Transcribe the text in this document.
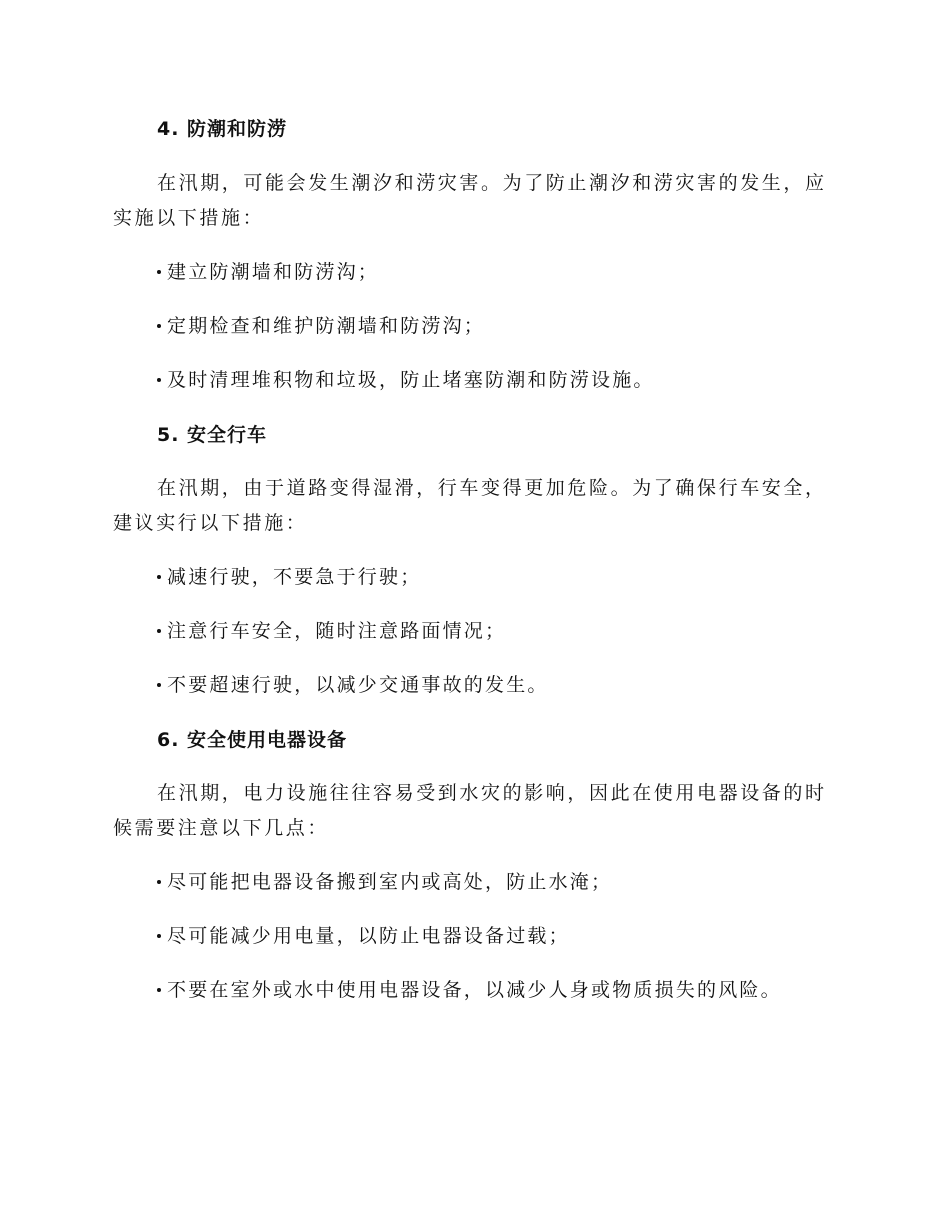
4. 防潮和防涝
在汛期，可能会发生潮汐和涝灾害。为了防止潮汐和涝灾害的发生，应
实施以下措施：
建立防潮墙和防涝沟；
定期检查和维护防潮墙和防涝沟；
及时清理堆积物和垃圾，防止堵塞防潮和防涝设施。
5. 安全行车
在汛期，由于道路变得湿滑，行车变得更加危险。为了确保行车安全，
建议实行以下措施：
减速行驶，不要急于行驶；
注意行车安全，随时注意路面情况；
不要超速行驶，以减少交通事故的发生。
6. 安全使用电器设备
在汛期，电力设施往往容易受到水灾的影响，因此在使用电器设备的时
候需要注意以下几点：
尽可能把电器设备搬到室内或高处，防止水淹；
尽可能减少用电量，以防止电器设备过载；
不要在室外或水中使用电器设备，以减少人身或物质损失的风险。
